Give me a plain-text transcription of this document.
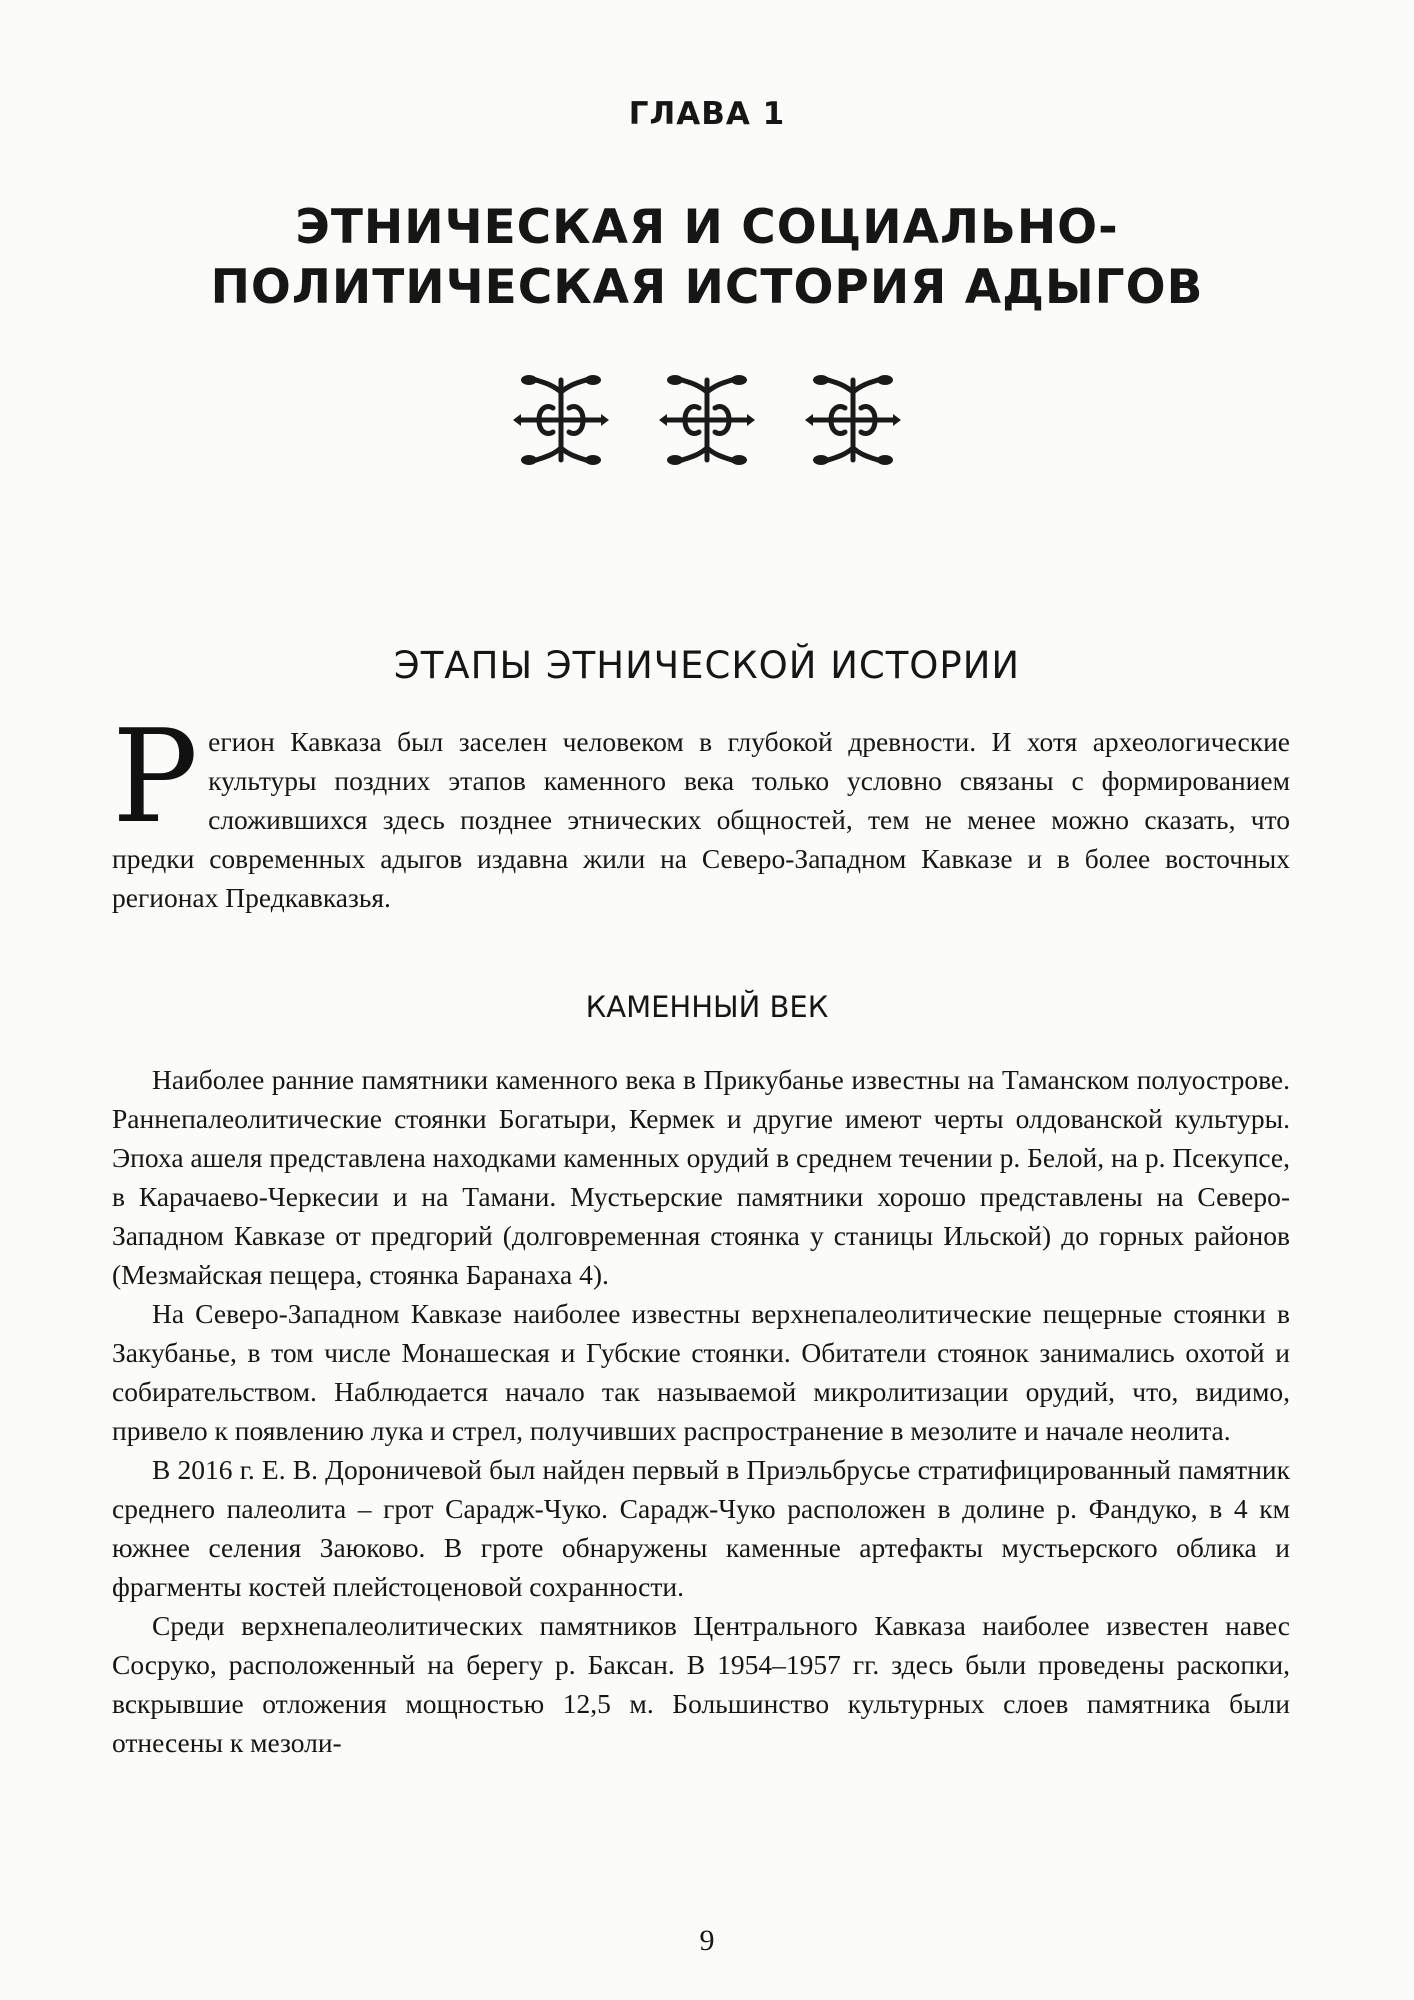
ГЛАВА 1
ЭТНИЧЕСКАЯ И СОЦИАЛЬНО-ПОЛИТИЧЕСКАЯ ИСТОРИЯ АДЫГОВ
ЭТАПЫ ЭТНИЧЕСКОЙ ИСТОРИИ
Регион Кавказа был заселен человеком в глубокой древности. И хотя археологические культуры поздних этапов каменного века только условно связаны с формированием сложившихся здесь позднее этнических общностей, тем не менее можно сказать, что предки современных адыгов издавна жили на Северо-Западном Кавказе и в более восточных регионах Предкавказья.
КАМЕННЫЙ ВЕК

Наиболее ранние памятники каменного века в Прикубанье известны на Таманском полуострове. Раннепалеолитические стоянки Богатыри, Кермек и другие имеют черты олдованской культуры. Эпоха ашеля представлена находками каменных орудий в среднем течении р. Белой, на р. Псекупсе, в Карачаево-Черкесии и на Тамани. Мустьерские памятники хорошо представлены на Северо-Западном Кавказе от предгорий (долговременная стоянка у станицы Ильской) до горных районов (Мезмайская пещера, стоянка Баранаха 4).

На Северо-Западном Кавказе наиболее известны верхнепалеолитические пещерные стоянки в Закубанье, в том числе Монашеская и Губские стоянки. Обитатели стоянок занимались охотой и собирательством. Наблюдается начало так называемой микролитизации орудий, что, видимо, привело к появлению лука и стрел, получивших распространение в мезолите и начале неолита.

В 2016 г. Е. В. Дороничевой был найден первый в Приэльбрусье стратифицированный памятник среднего палеолита – грот Сарадж-Чуко. Сарадж-Чуко расположен в долине р. Фандуко, в 4 км южнее селения Заюково. В гроте обнаружены каменные артефакты мустьерского облика и фрагменты костей плейстоценовой сохранности.

Среди верхнепалеолитических памятников Центрального Кавказа наиболее известен навес Сосруко, расположенный на берегу р. Баксан. В 1954–1957 гг. здесь были проведены раскопки, вскрывшие отложения мощностью 12,5 м. Большинство культурных слоев памятника были отнесены к мезоли-

9
